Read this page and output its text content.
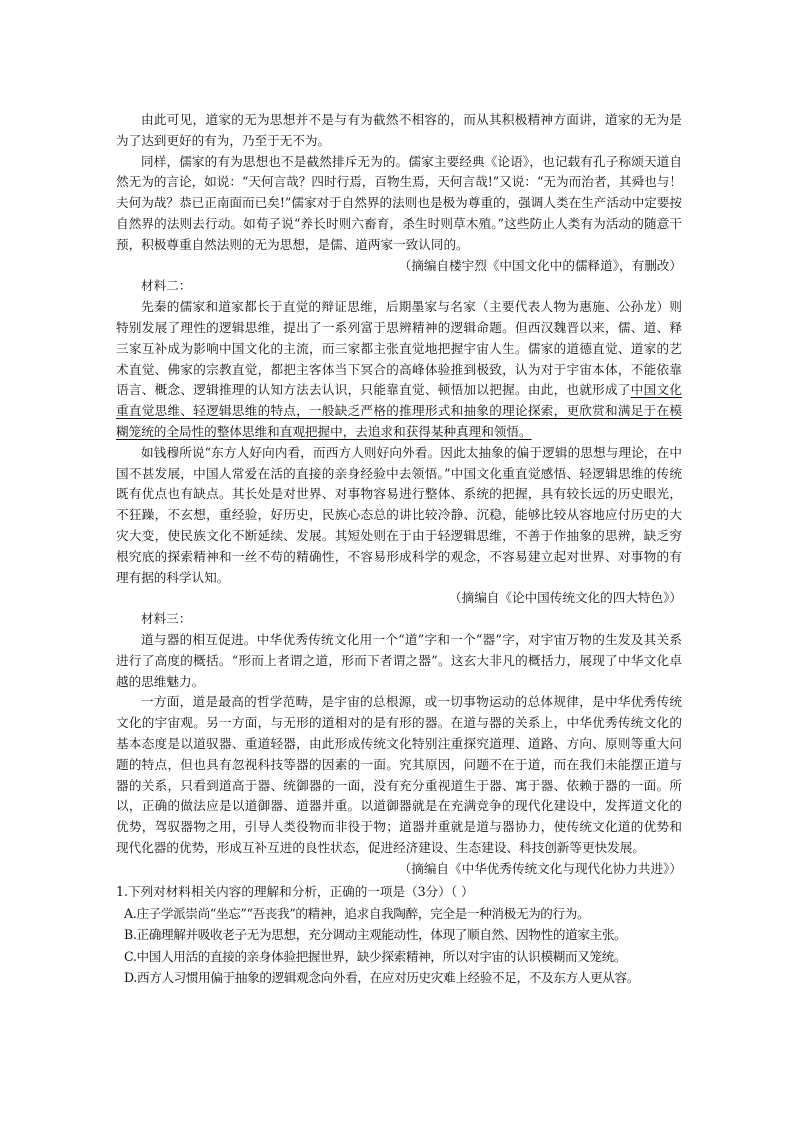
由此可见，道家的无为思想并不是与有为截然不相容的，而从其积极精神方面讲，道家的无为是为了达到更好的有为，乃至于无不为。

同样，儒家的有为思想也不是截然排斥无为的。儒家主要经典《论语》，也记载有孔子称颂天道自然无为的言论，如说：“天何言哉？四时行焉，百物生焉，天何言哉!”又说：“无为而治者，其舜也与！夫何为哉？恭已正南面而已矣!”儒家对于自然界的法则也是极为尊重的，强调人类在生产活动中定要按自然界的法则去行动。如荀子说“养长时则六畜育，杀生时则草木殖。”这些防止人类有为活动的随意干预，积极尊重自然法则的无为思想，是儒、道两家一致认同的。

（摘编自楼宇烈《中国文化中的儒释道》，有删改）

材料二：

先秦的儒家和道家都长于直觉的辩证思维，后期墨家与名家（主要代表人物为惠施、公孙龙）则特别发展了理性的逻辑思维，提出了一系列富于思辨精神的逻辑命题。但西汉魏晋以来，儒、道、释三家互补成为影响中国文化的主流，而三家都主张直觉地把握宇宙人生。儒家的道德直觉、道家的艺术直觉、佛家的宗教直觉，都把主客体当下冥合的高峰体验推到极致，认为对于宇宙本体，不能依靠语言、概念、逻辑推理的认知方法去认识，只能靠直觉、顿悟加以把握。由此，也就形成了中国文化重直觉思维、轻逻辑思维的特点，一般缺乏严格的推理形式和抽象的理论探索，更欣赏和满足于在模糊笼统的全局性的整体思维和直观把握中，去追求和获得某种真理和领悟。

如钱穆所说“东方人好向内看，而西方人则好向外看。因此太抽象的偏于逻辑的思想与理论，在中国不甚发展，中国人常爱在活的直接的亲身经验中去领悟。”中国文化重直觉感悟、轻逻辑思维的传统既有优点也有缺点。其长处是对世界、对事物容易进行整体、系统的把握，具有较长远的历史眼光，不狂躁，不玄想，重经验，好历史，民族心态总的讲比较冷静、沉稳，能够比较从容地应付历史的大灾大变，使民族文化不断延续、发展。其短处则在于由于轻逻辑思维，不善于作抽象的思辨，缺乏穷根究底的探索精神和一丝不苟的精确性，不容易形成科学的观念，不容易建立起对世界、对事物的有理有据的科学认知。

（摘编自《论中国传统文化的四大特色》）

材料三：

道与器的相互促进。中华优秀传统文化用一个“道”字和一个“器”字，对宇宙万物的生发及其关系进行了高度的概括。“形而上者谓之道，形而下者谓之器”。这玄大非凡的概括力，展现了中华文化卓越的思维魅力。

一方面，道是最高的哲学范畴，是宇宙的总根源，或一切事物运动的总体规律，是中华优秀传统文化的宇宙观。另一方面，与无形的道相对的是有形的器。在道与器的关系上，中华优秀传统文化的基本态度是以道驭器、重道轻器，由此形成传统文化特别注重探究道理、道路、方向、原则等重大问题的特点，但也具有忽视科技等器的因素的一面。究其原因，问题不在于道，而在我们未能摆正道与器的关系，只看到道高于器、统御器的一面，没有充分重视道生于器、寓于器、依赖于器的一面。所以，正确的做法应是以道御器、道器并重。以道御器就是在充满竞争的现代化建设中，发挥道文化的优势，驾驭器物之用，引导人类役物而非役于物；道器并重就是道与器协力，使传统文化道的优势和现代化器的优势，形成互补互进的良性状态，促进经济建设、生态建设、科技创新等更快发展。

（摘编自《中华优秀传统文化与现代化协力共进》）

1.下列对材料相关内容的理解和分析，正确的一项是（3分）（ ）

A.庄子学派崇尚“坐忘”“吾丧我”的精神，追求自我陶醉，完全是一种消极无为的行为。

B.正确理解并吸收老子无为思想，充分调动主观能动性，体现了顺自然、因物性的道家主张。

C.中国人用活的直接的亲身体验把握世界，缺少探索精神，所以对宇宙的认识模糊而又笼统。

D.西方人习惯用偏于抽象的逻辑观念向外看，在应对历史灾难上经验不足，不及东方人更从容。
